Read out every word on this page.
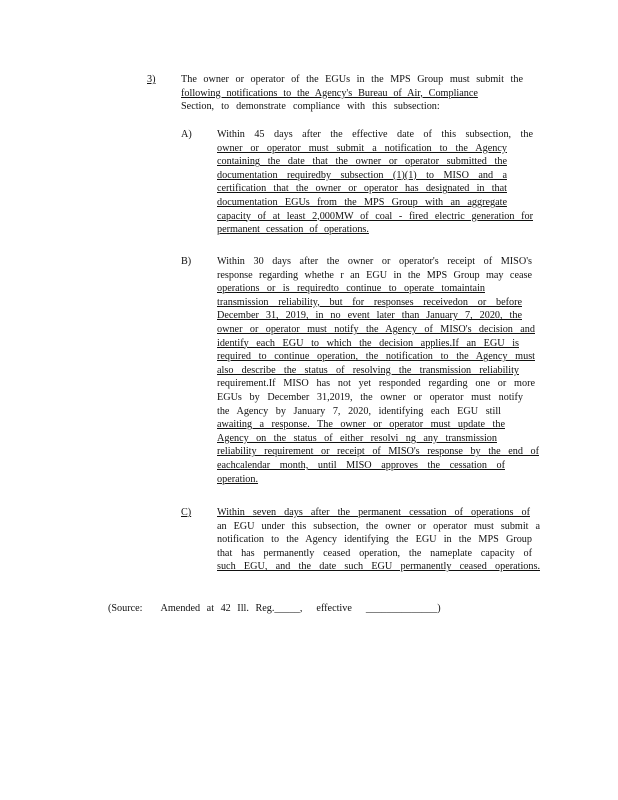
3)	The owner or operator of the EGUs in the MPS Group must submit the
following notifications to the Agency's Bureau of Air, Compliance
Section, to demonstrate compliance with this subsection:
A) Within 45 days after the effective date of this subsection, the
owner or operator must submit a notification to the Agency
containing the date that the owner or operator submitted the
documentation requiredby subsection (1)(1) to MISO and a
certification that the owner or operator has designated in that
documentation EGUs from the MPS Group with an aggregate
capacity of at least 2,000MW of coal - fired electric generation for
permanent cessation of operations.
B)	Within 30 days after the owner or operator's receipt of MISO's
response regarding whethe r an EGU in the MPS Group may cease
operations or is requiredto continue to operate tomaintain
transmission reliability, but for responses receivedon or before
December 31, 2019, in no event later than January 7, 2020, the
owner or operator must notify the Agency of MISO's decision and
identify each EGU to which the decision applies.If an EGU is
required to continue operation, the notification to the Agency must
also describe the status of resolving the transmission reliability
requirement.If MISO has not yet responded regarding one or more
EGUs by December 31,2019, the owner or operator must notify
the Agency by January 7, 2020, identifying each EGU still
awaiting a response. The owner or operator must update the
Agency on the status of either resolvi ng any transmission
reliability requirement or receipt of MISO's response by the end of
eachcalendar month, until MISO approves the cessation of
operation.
C)	Within seven days after the permanent cessation of operations of
an EGU under this subsection, the owner or operator must submit a
notification to the Agency identifying the EGU in the MPS Group
that has permanently ceased operation, the nameplate capacity of
such EGU, and the date such EGU permanently ceased operations.
(Source: Amended at 42 Ill. Reg._____, effective ______________)
